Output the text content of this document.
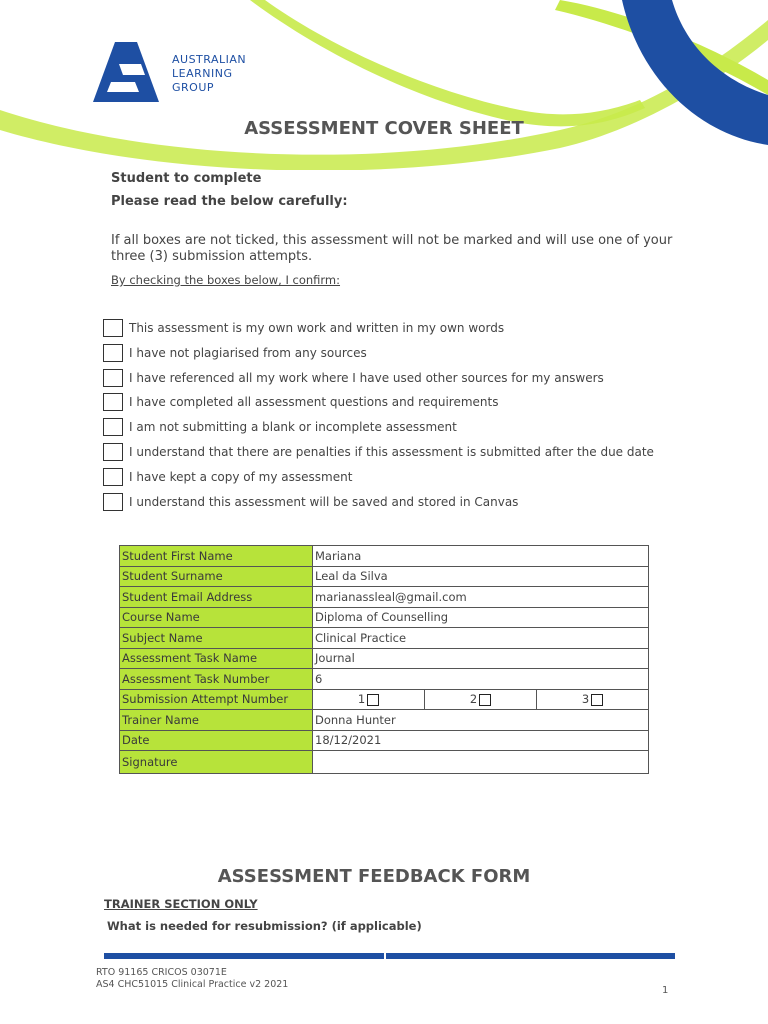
AUSTRALIAN
LEARNING
GROUP
ASSESSMENT COVER SHEET
Student to complete
Please read the below carefully:
If all boxes are not ticked, this assessment will not be marked and will use one of your three (3) submission attempts.
By checking the boxes below, I confirm:
This assessment is my own work and written in my own words
I have not plagiarised from any sources
I have referenced all my work where I have used other sources for my answers
I have completed all assessment questions and requirements
I am not submitting a blank or incomplete assessment
I understand that there are penalties if this assessment is submitted after the due date
I have kept a copy of my assessment
I understand this assessment will be saved and stored in Canvas
Student First Name	Mariana		
Student Surname	Leal da Silva		
Student Email Address	marianassleal@gmail.com		
Course Name	Diploma of Counselling		
Subject Name	Clinical Practice		
Assessment Task Name	Journal		
Assessment Task Number	6		
Submission Attempt Number	1	2	3
Trainer Name	Donna Hunter		
Date	18/12/2021		
Signature			
ASSESSMENT FEEDBACK FORM
TRAINER SECTION ONLY
What is needed for resubmission? (if applicable)
RTO 91165 CRICOS 03071E
AS4 CHC51015 Clinical Practice v2 2021
1
